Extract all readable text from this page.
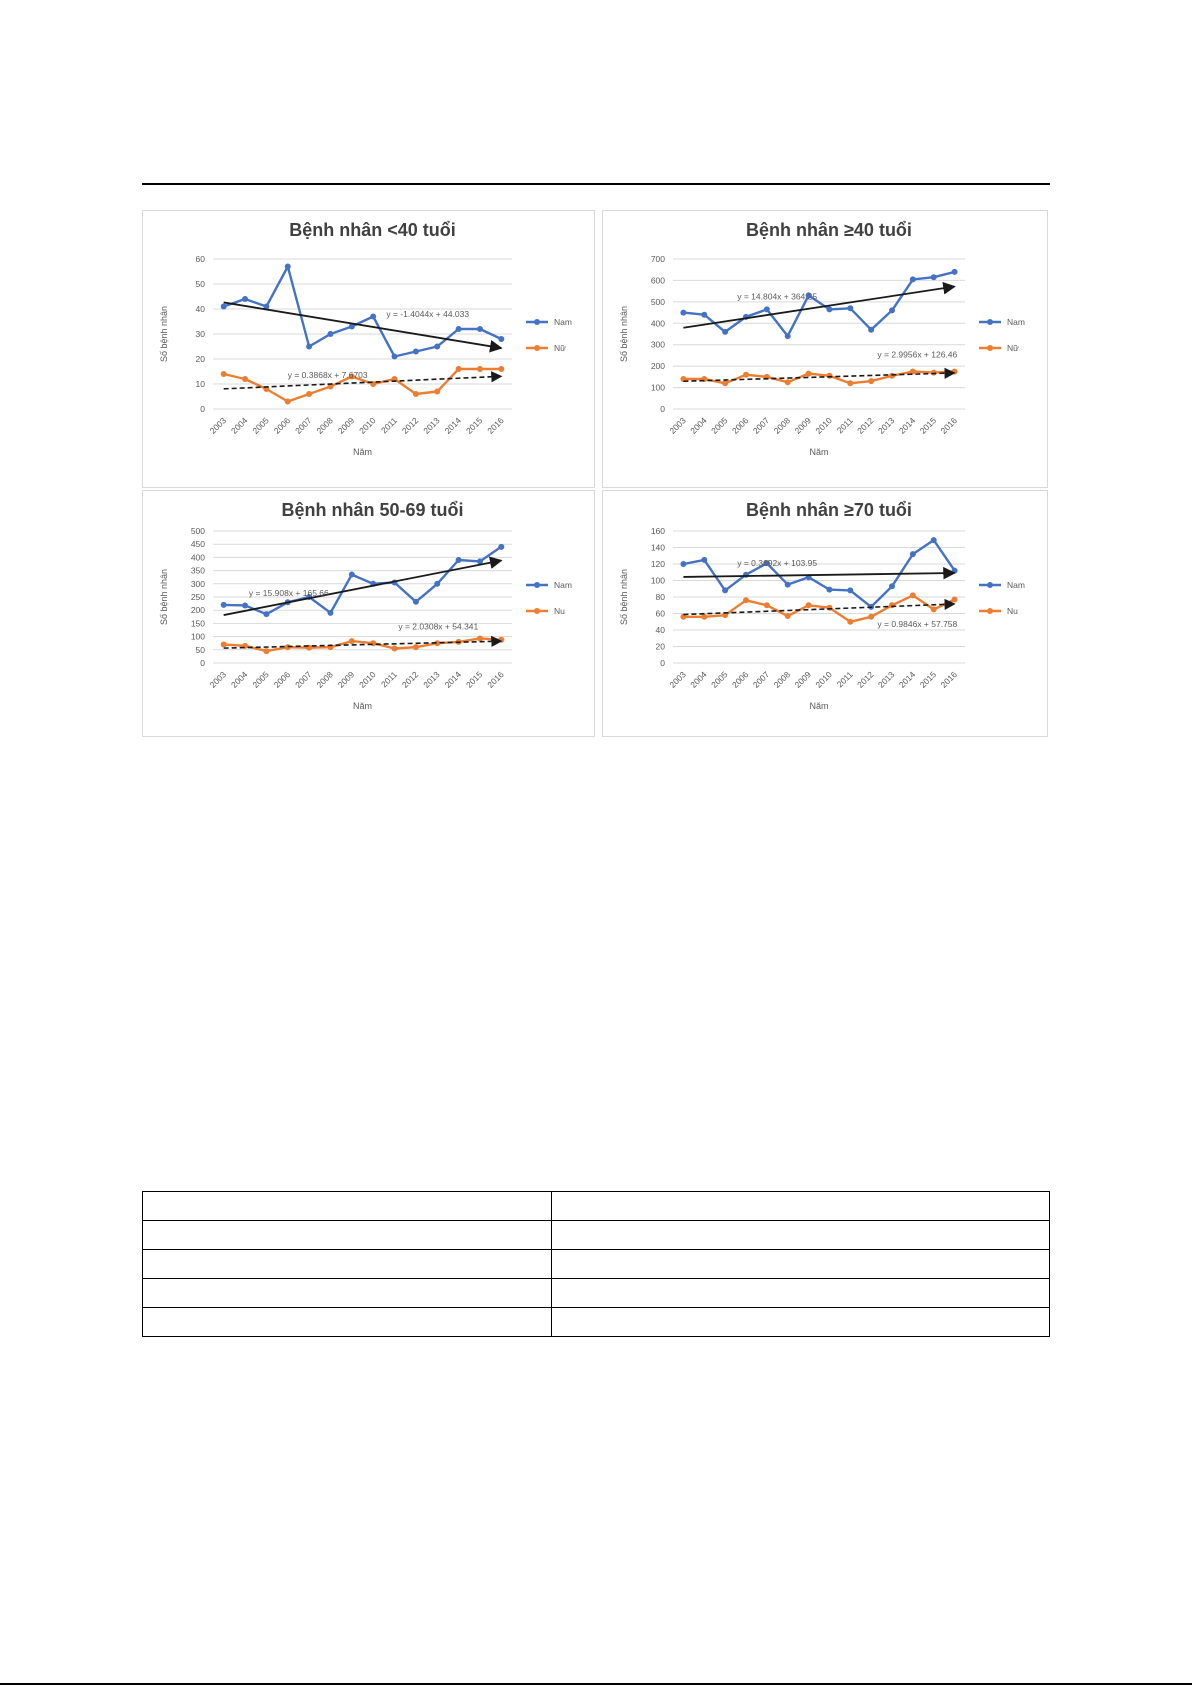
Bệnh nhân <40 tuổi
0
10
20
30
40
50
60
2003 2004 2005 2006 2007 2008 2009 2010 2011 2012 2013 2014 2015 2016
Năm
Số bệnh nhân	y = -1.4044x + 44.033
y = 0.3868x + 7.6703
Nam
Nữ
Bệnh nhân ≥40 tuổi
0
100
200
300
400
500
600
700
2003 2004 2005 2006 2007 2008 2009 2010 2011 2012 2013 2014 2015 2016
Năm
Số bệnh nhân
y = 14.804x + 364.25
y = 2.9956x + 126.46
Nam
Nữ
Bệnh nhân 50-69 tuổi
0
50
100
150
200
250
300
350
400
450
500
2003 2004 2005 2006 2007 2008 2009 2010 2011 2012 2013 2014 2015 2016
Năm
Số bệnh nhân	y = 15.908x + 165.66
y = 2.0308x + 54.341
Nam
Nu
Bệnh nhân ≥70 tuổi
0
20
40
60
80
100
120
140
160
2003 2004 2005 2006 2007 2008 2009 2010 2011 2012 2013 2014 2015 2016
Năm
Số bệnh nhân
y = 0.3692x + 103.95
y = 0.9846x + 57.758
Nam
Nu
